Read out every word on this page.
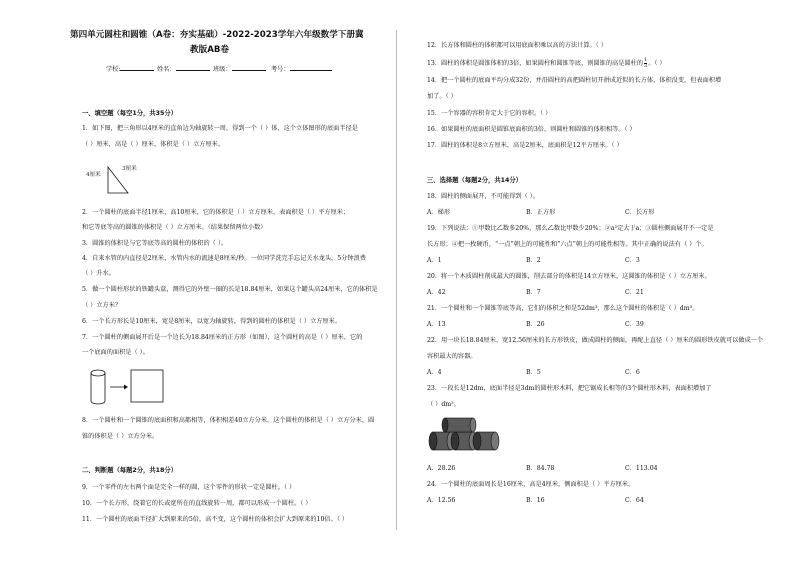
第四单元圆柱和圆锥（A卷：夯实基础）-2022-2023学年六年级数学下册冀
教版AB卷
学校:	姓名：	班级：	考号：
一、填空题（每空1分，共35分）
1．如下图，把三角形以4厘米的直角边为轴旋转一周，得到一个（ ）体，这个立体图形的底面半径是
（ ）厘米，高是（ ）厘米，体积是（ ）立方厘米。
4厘米
3厘米
2．一个圆柱的底面半径1厘米，高10厘米，它的体积是（ ）立方厘米，表面积是（ ）平方厘米；
和它等底等高的圆锥的体积是（ ）立方厘米。（结果保留两位小数）
3．圆锥的体积是与它等底等高的圆柱的体积的（ ）。
4．自来水管的内直径是2厘米，水管内水的流速是8厘米/秒。一位同学洗完手忘记关水龙头，5分钟浪费
（ ）升水。
5．做一个圆柱形状的铁罐头盒，测得它的外壁一圈的长是18.84厘米，如果这个罐头高24厘米，它的体积是
（ ）立方米？
6．一个长方形长是10厘米，宽是8厘米，以宽为轴旋转，得到的圆柱的体积是（ ）立方厘米。
7．一个圆柱的侧面展开后是一个边长为18.84厘米的正方形（如图），这个圆柱的高是（ ）厘米，它的
一个底面的面积是（ ）。
8．一个圆柱和一个圆锥的底面积和高都相等，体积相差40立方分米，这个圆柱的体积是（ ）立方分米，圆
锥的体积是（ ）立方分米。
二、判断题（每题2分，共18分）
9．一个零件的左右两个面是完全一样的圆，这个零件的形状一定是圆柱。（ ）
10．一个长方形，绕着它的长或宽所在的直线旋转一周，都可以形成一个圆柱。（ ）
11．一个圆柱的底面半径扩大到原来的5倍，高不变，这个圆柱的体积会扩大到原来的10倍。（ ）
12．长方体和圆柱的体积都可以用底面积乘以高的方法计算。（ ）
13．圆柱的体积是圆锥体积的3倍，如果圆柱和圆锥等底，则圆锥的高是圆柱的 $\frac{1}{3}$ 。（ ）
14．把一个圆柱的底面平均分成32份，并沿圆柱的高把圆柱切开拼成近似的长方体，体积没变，但表面积增
加了。（ ）
15．一个容器的容积肯定大于它的容积。（ ）
16．如果圆柱的底面积是圆锥底面积的3倍，则圆柱和圆锥的体积相等。（ ）
17．圆柱的体积是8立方厘米，高是2厘米，底面积是12平方厘米。（ ）
三、选择题（每题2分，共14分）
18．圆柱的侧面展开，不可能得到（ ）。
A．梯形	B．正方形	C．长方形
19．下列说法：①甲数比乙数多20%，那么乙数比甲数少20%；②a²定大于a；③圆柱侧面展开不一定是
长方形；④把一枚硬币，“一点”朝上的可能性和“六点”朝上的可能性相等。其中正确的说法有（ ）个。
A．1	B．2	C．3
20．将一个木质圆柱削成最大的圆锥，削去部分的体积是14立方厘米，这圆锥的体积是（ ）立方厘米。
A．42	B．7	C．21
21．一个圆柱和一个圆锥等底等高，它们的体积之和是52dm³，那么这个圆柱的体积是（ ）dm³。
A．13	B．26	C．39
22．用一块长18.84厘米、宽12.56厘米的长方形铁皮，做成圆柱的侧面，再配上直径（ ）厘米的圆形铁皮就可以做成一个
容积最大的容器。
A．4	B．5	C．6
23．一段长是12dm，底面半径是3dm的圆柱形木料，把它锯成长相等的3个圆柱形木料，表面积增加了
（ ）dm²。
A．28.26	B．84.78	C．113.04
24．一个圆柱的底面周长是16厘米，高是4厘米，侧面积是（ ）平方厘米。
A．12.56	B．16	C．64
